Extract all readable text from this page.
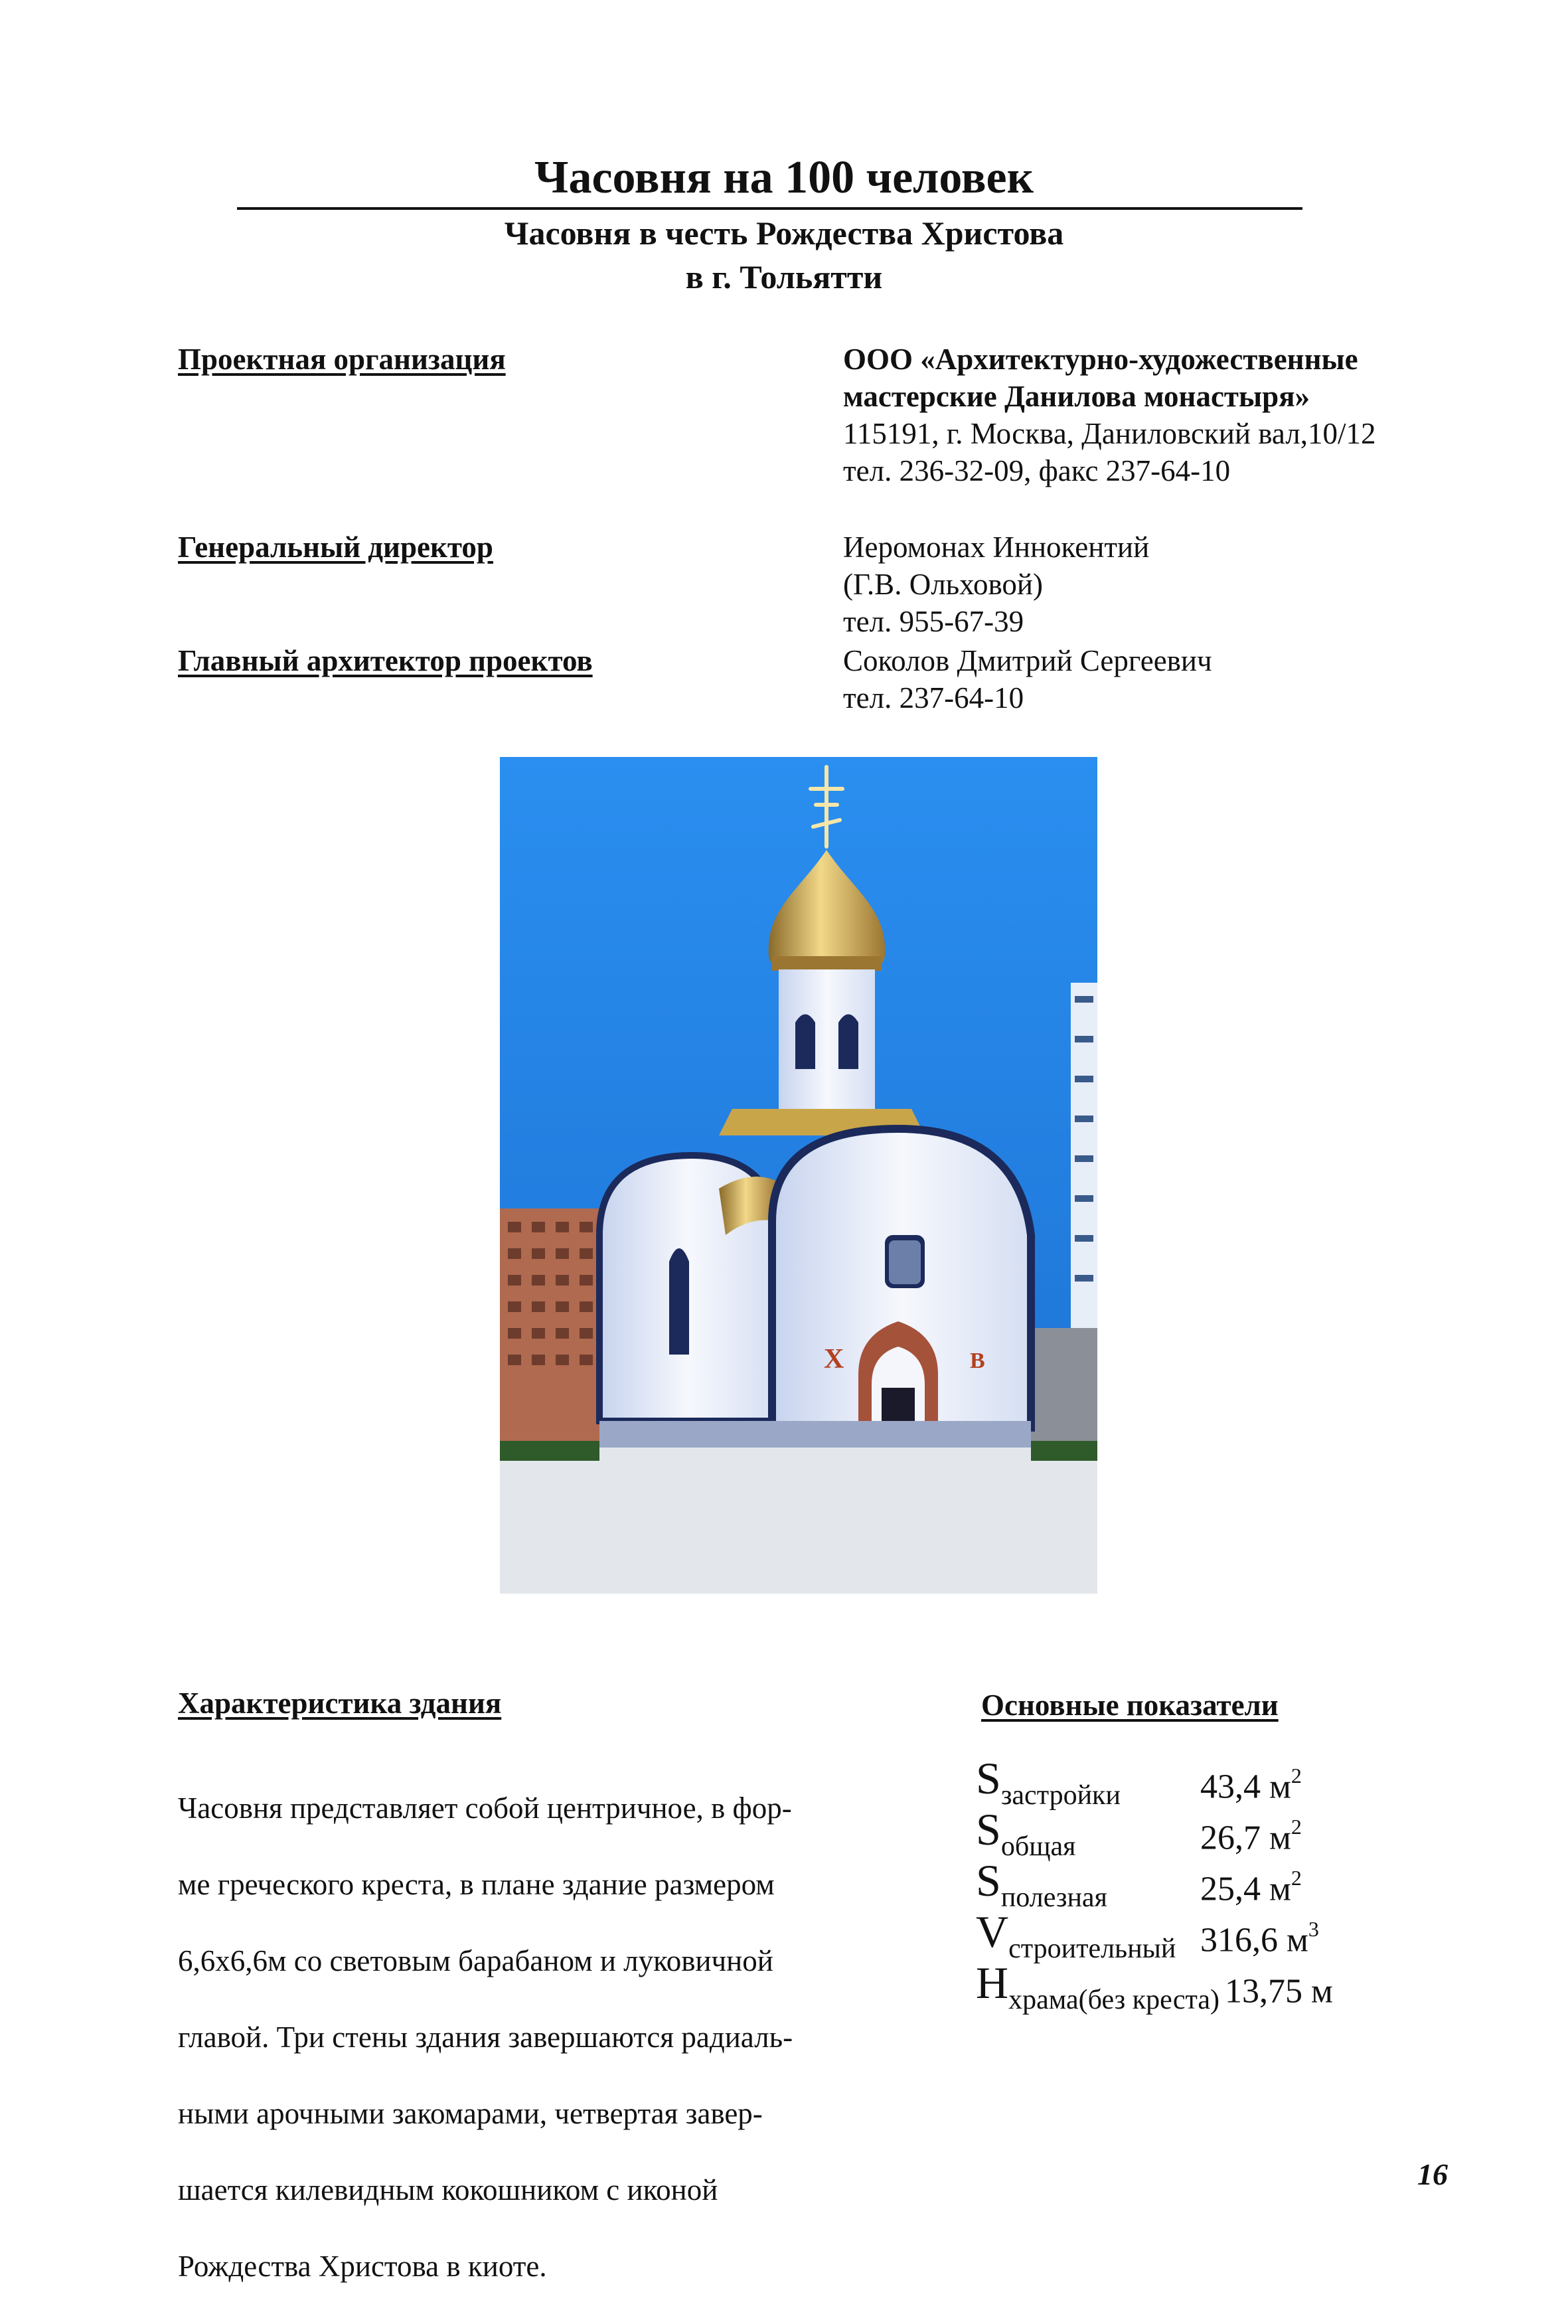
Часовня на 100 человек
Часовня в честь Рождества Христова
в г. Тольятти
Проектная организация	ООО «Архитектурно-художественные
мастерские Данилова монастыря»
115191, г. Москва, Даниловский вал,10/12
тел. 236-32-09, факс 237-64-10
Генеральный директор	Иеромонах Иннокентий
(Г.В. Ольховой)
тел. 955-67-39
Главный архитектор проектов	Соколов Дмитрий Сергеевич
тел. 237-64-10
Х	В
Характеристика здания

Часовня представляет собой центричное, в фор-

ме греческого креста, в плане здание размером

6,6х6,6м со световым барабаном и луковичной

главой. Три стены здания завершаются радиаль-

ными арочными закомарами, четвертая завер-

шается килевидным кокошником с иконой

Рождества Христова в киоте.

Основные показатели
Sзастройки 43,4 $м^2$
Sобщая	26,7 $м^2$
Sполезная	25,4 $м^2$
Vстроительный 316,6 $м^3$
Hхрама(без креста) 13,75 м
16
